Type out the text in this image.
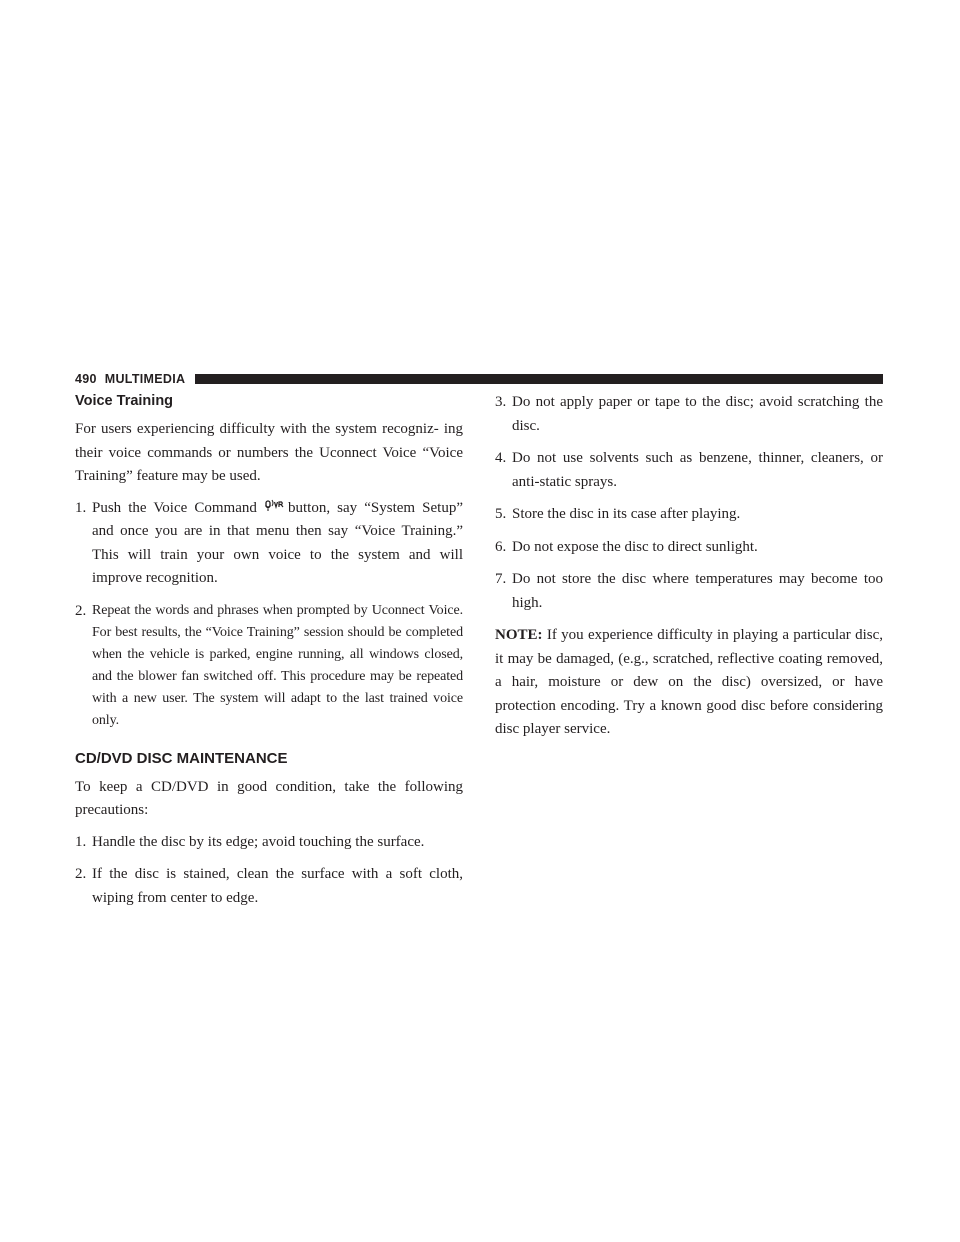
490 MULTIMEDIA
Voice Training

For users experiencing difficulty with the system recogniz- ing their voice commands or numbers the Uconnect Voice “Voice Training” feature may be used.

1. Push the Voice Command button, say “System Setup” and once you are in that menu then say “Voice Training.” This will train your own voice to the system and will improve recognition.
2. Repeat the words and phrases when prompted by Uconnect Voice. For best results, the “Voice Training” session should be completed when the vehicle is parked, engine running, all windows closed, and the blower fan switched off. This procedure may be repeated with a new user. The system will adapt to the last trained voice only.
CD/DVD DISC MAINTENANCE

To keep a CD/DVD in good condition, take the following precautions:

1. Handle the disc by its edge; avoid touching the surface.
2. If the disc is stained, clean the surface with a soft cloth, wiping from center to edge.
3. Do not apply paper or tape to the disc; avoid scratching the disc.
4. Do not use solvents such as benzene, thinner, cleaners, or anti-static sprays.
5. Store the disc in its case after playing.
6. Do not expose the disc to direct sunlight.
7. Do not store the disc where temperatures may become too high.

NOTE: If you experience difficulty in playing a particular disc, it may be damaged, (e.g., scratched, reflective coating removed, a hair, moisture or dew on the disc) oversized, or have protection encoding. Try a known good disc before considering disc player service.
